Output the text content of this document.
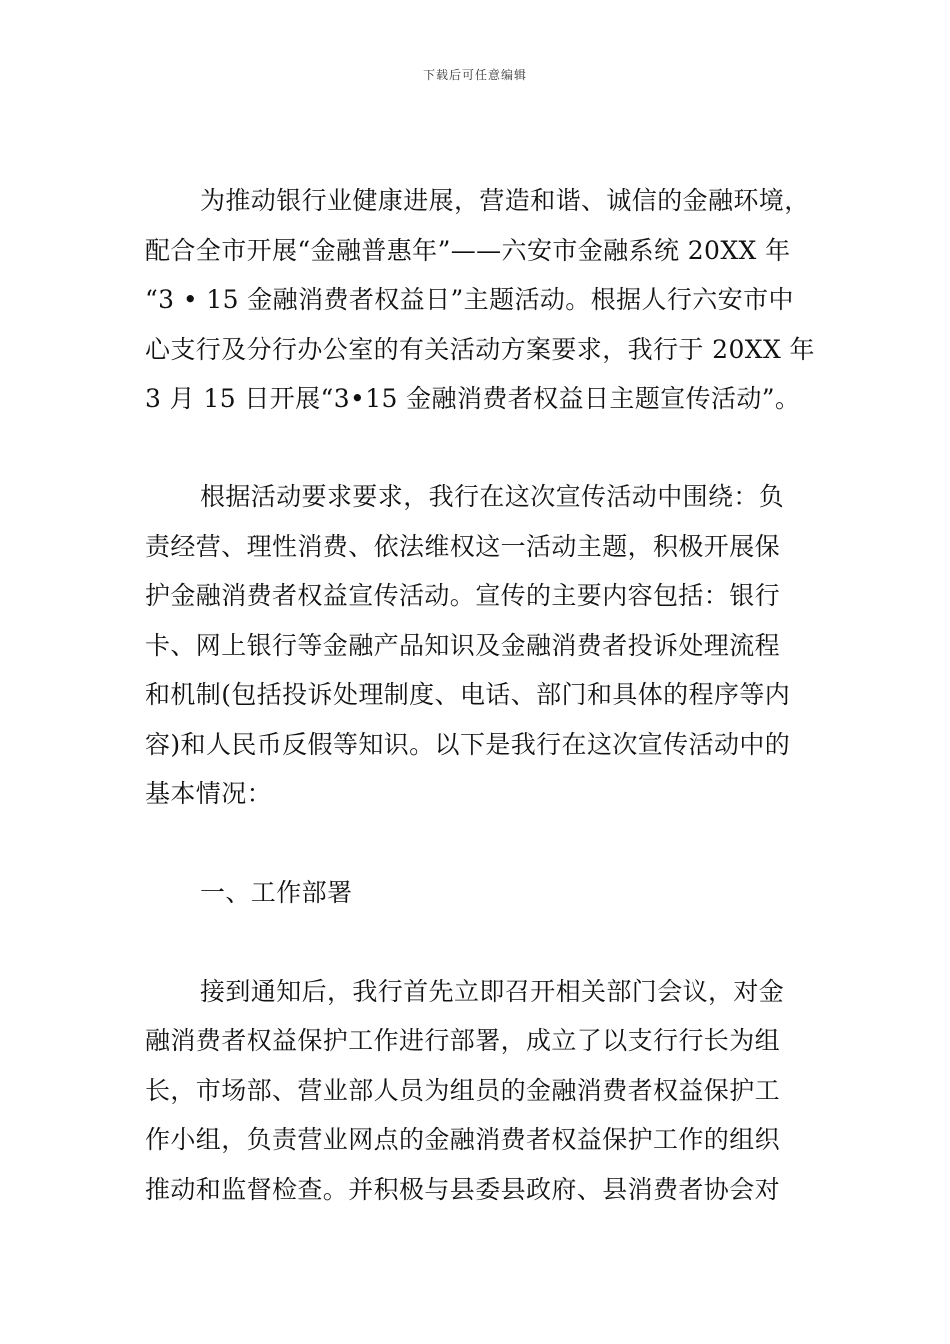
下载后可任意编辑
为推动银行业健康进展，营造和谐、诚信的金融环境，
配合全市开展“金融普惠年”——六安市金融系统 20XX 年
“3 • 15 金融消费者权益日”主题活动。根据人行六安市中
心支行及分行办公室的有关活动方案要求，我行于 20XX 年
3 月 15 日开展“3•15 金融消费者权益日主题宣传活动”。
根据活动要求要求，我行在这次宣传活动中围绕：负
责经营、理性消费、依法维权这一活动主题，积极开展保
护金融消费者权益宣传活动。宣传的主要内容包括：银行
卡、网上银行等金融产品知识及金融消费者投诉处理流程
和机制(包括投诉处理制度、电话、部门和具体的程序等内
容)和人民币反假等知识。以下是我行在这次宣传活动中的
基本情况：
一、工作部署
接到通知后，我行首先立即召开相关部门会议，对金
融消费者权益保护工作进行部署，成立了以支行行长为组
长，市场部、营业部人员为组员的金融消费者权益保护工
作小组，负责营业网点的金融消费者权益保护工作的组织
推动和监督检查。并积极与县委县政府、县消费者协会对
